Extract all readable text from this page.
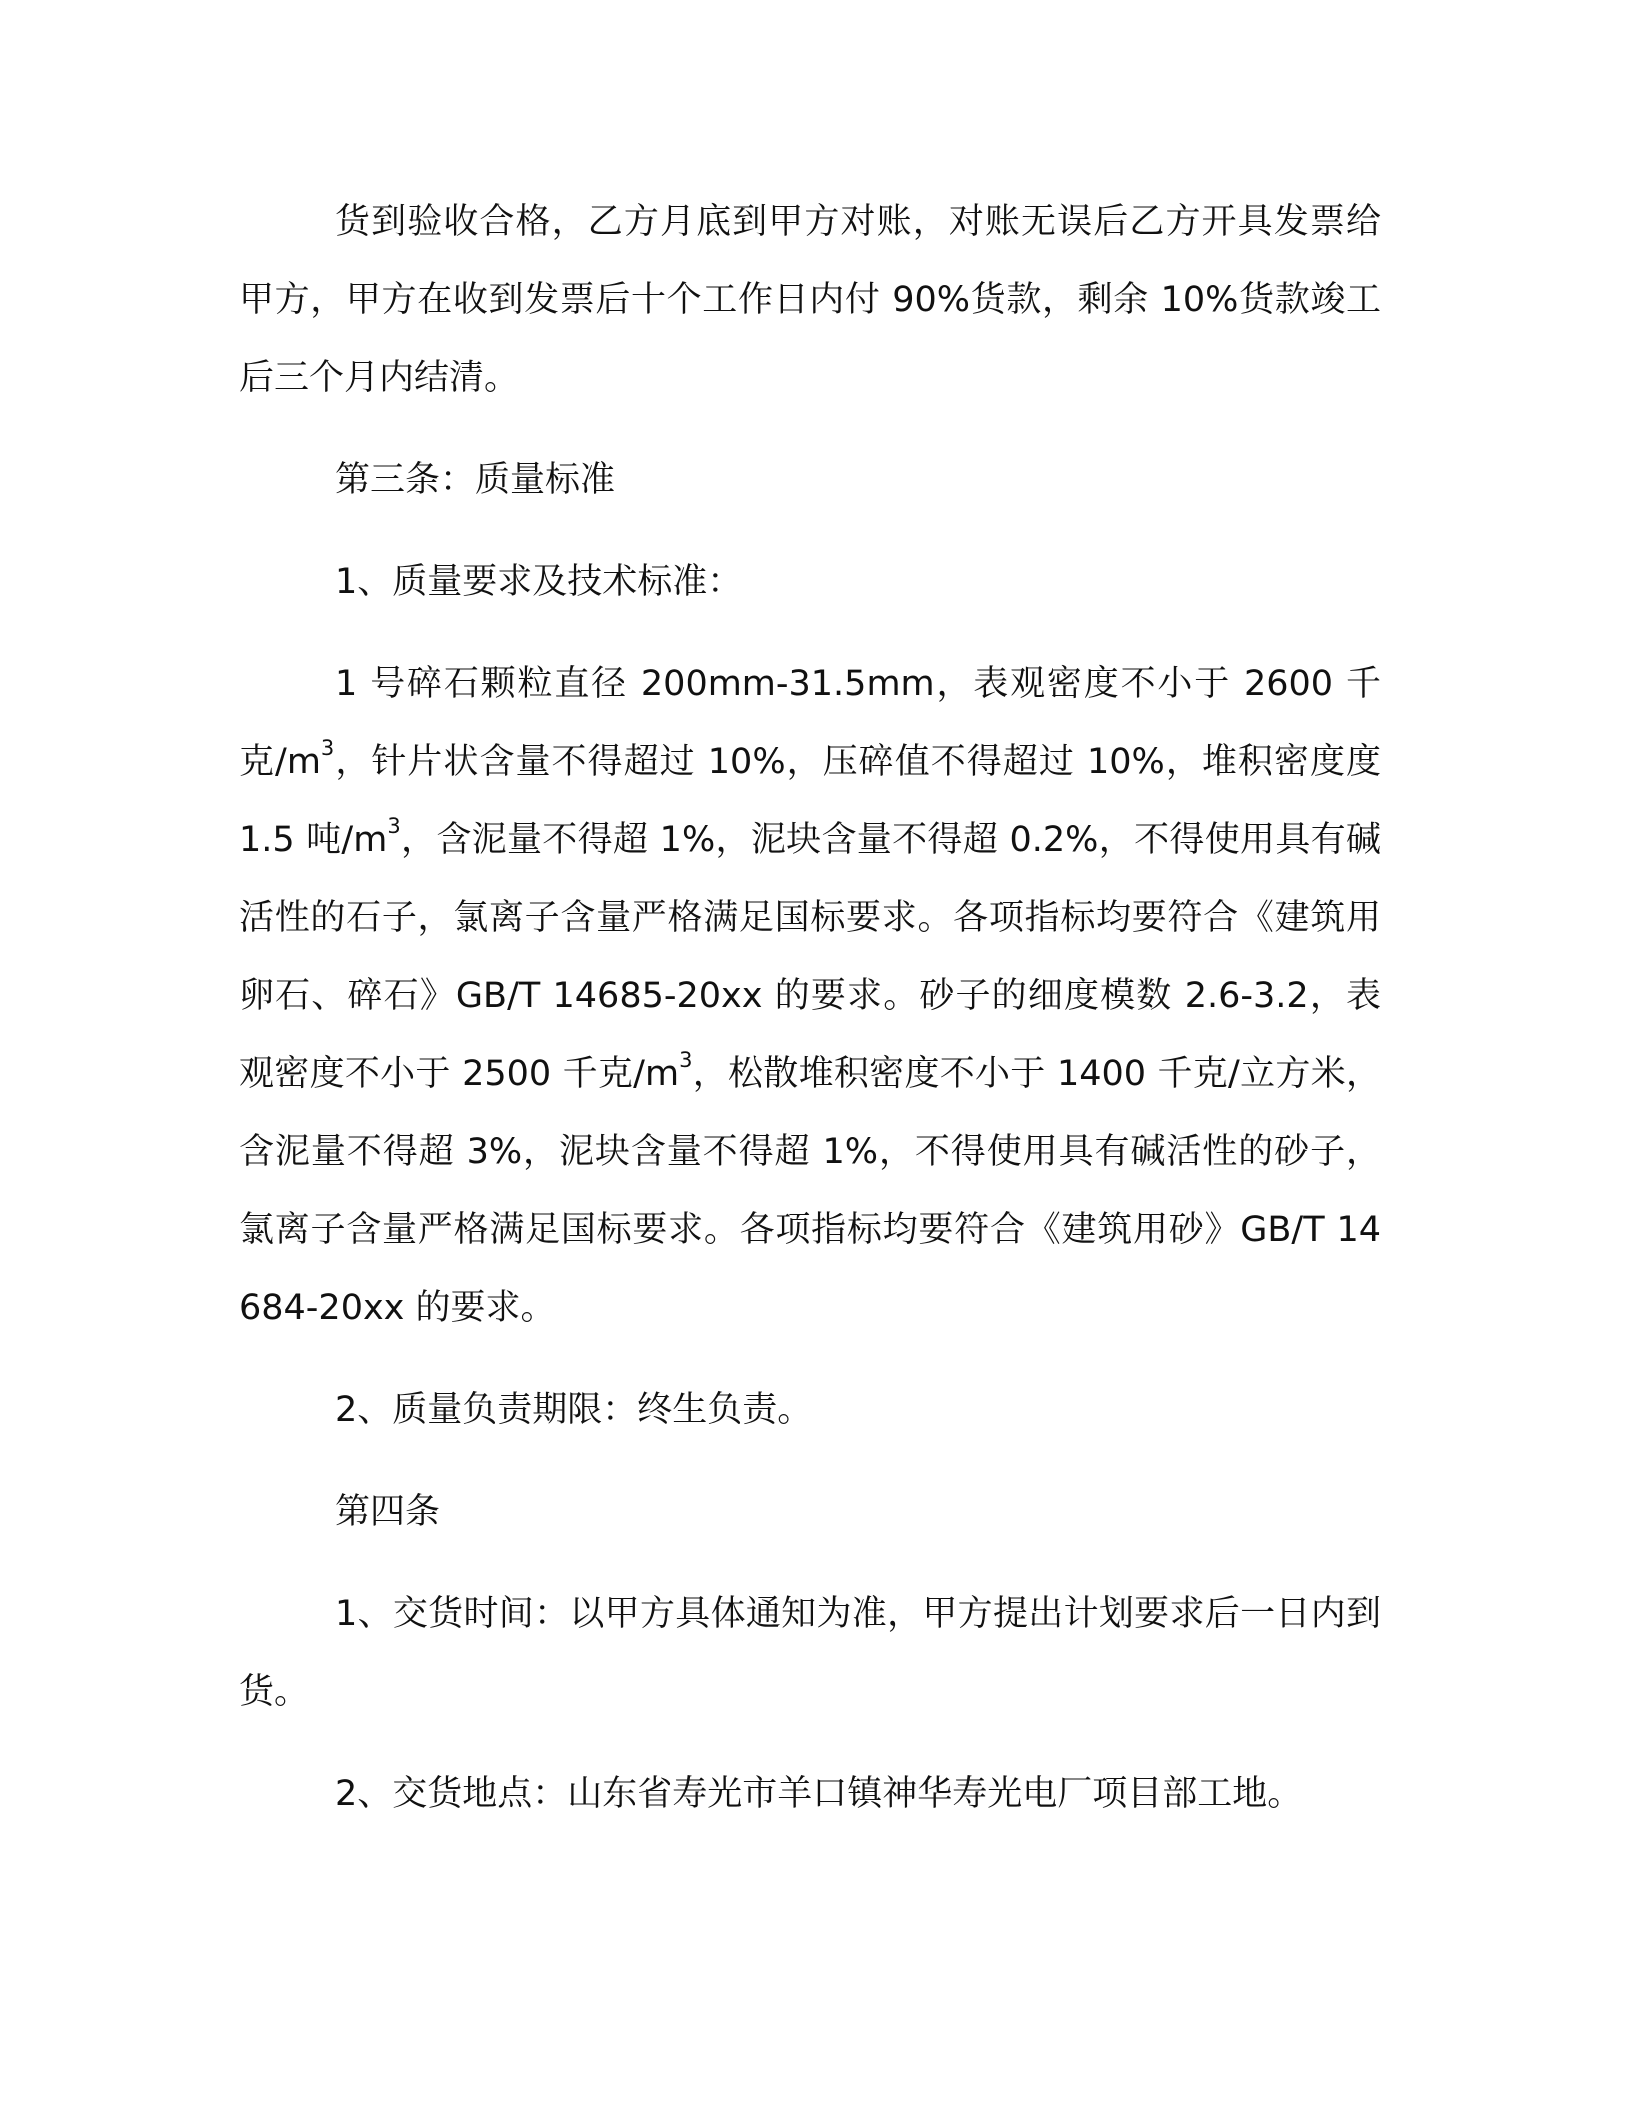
货到验收合格，乙方月底到甲方对账，对账无误后乙方开具发票给甲方，甲方在收到发票后十个工作日内付 90%货款，剩余 10%货款竣工后三个月内结清。

第三条：质量标准

1、质量要求及技术标准：

1 号碎石颗粒直径 200mm-31.5mm，表观密度不小于 2600 千克$/m^3$，针片状含量不得超过 10%，压碎值不得超过 10%，堆积密度度 1.5 吨$/m^3$，含泥量不得超 1%，泥块含量不得超 0.2%，不得使用具有碱活性的石子，氯离子含量严格满足国标要求。各项指标均要符合《建筑用卵石、碎石》GB/T 14685-20xx 的要求。砂子的细度模数 2.6-3.2，表观密度不小于 2500 千克$/m^3$，松散堆积密度不小于 1400 千克/立方米，含泥量不得超 3%，泥块含量不得超 1%，不得使用具有碱活性的砂子，氯离子含量严格满足国标要求。各项指标均要符合《建筑用砂》GB/T 14684-20xx 的要求。

2、质量负责期限：终生负责。

第四条

1、交货时间：以甲方具体通知为准，甲方提出计划要求后一日内到货。

2、交货地点：山东省寿光市羊口镇神华寿光电厂项目部工地。
